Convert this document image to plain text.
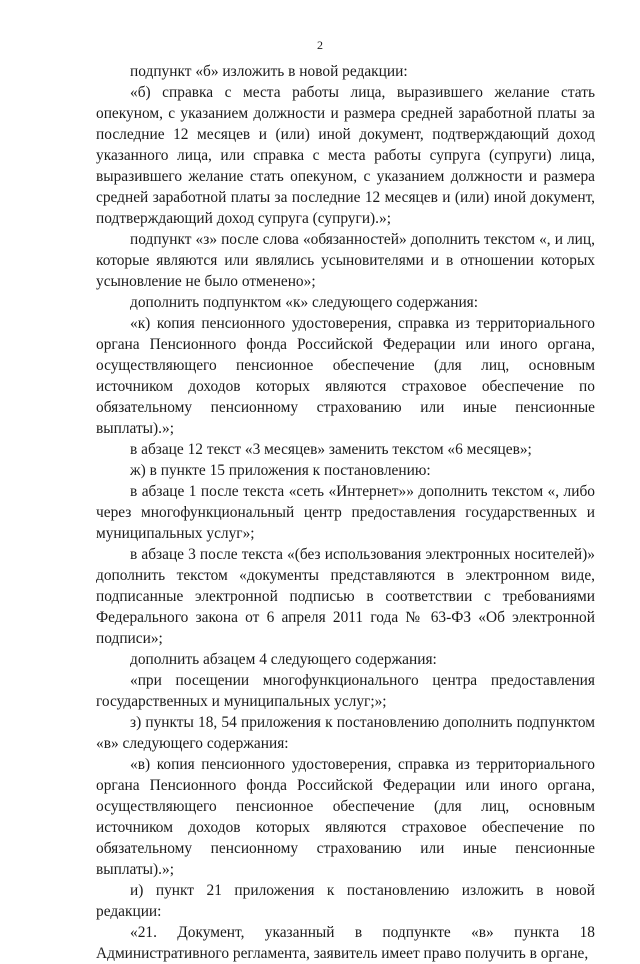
2

подпункт «б» изложить в новой редакции:

«б) справка с места работы лица, выразившего желание стать опекуном, с указанием должности и размера средней заработной платы за последние 12 месяцев и (или) иной документ, подтверждающий доход указанного лица, или справка с места работы супруга (супруги) лица, выразившего желание стать опекуном, с указанием должности и размера средней заработной платы за последние 12 месяцев и (или) иной документ, подтверждающий доход супруга (супруги).»;

подпункт «з» после слова «обязанностей» дополнить текстом «, и лиц, которые являются или являлись усыновителями и в отношении которых усыновление не было отменено»;

дополнить подпунктом «к» следующего содержания:

«к) копия пенсионного удостоверения, справка из территориального органа Пенсионного фонда Российской Федерации или иного органа, осуществляющего пенсионное обеспечение (для лиц, основным источником доходов которых являются страховое обеспечение по обязательному пенсионному страхованию или иные пенсионные выплаты).»;

в абзаце 12 текст «3 месяцев» заменить текстом «6 месяцев»;

ж) в пункте 15 приложения к постановлению:

в абзаце 1 после текста «сеть «Интернет»» дополнить текстом «, либо через многофункциональный центр предоставления государственных и муниципальных услуг»;

в абзаце 3 после текста «(без использования электронных носителей)» дополнить текстом «документы представляются в электронном виде, подписанные электронной подписью в соответствии с требованиями Федерального закона от 6 апреля 2011 года № 63-ФЗ «Об электронной подписи»;

дополнить абзацем 4 следующего содержания:

«при посещении многофункционального центра предоставления государственных и муниципальных услуг;»;

з) пункты 18, 54 приложения к постановлению дополнить подпунктом «в» следующего содержания:

«в) копия пенсионного удостоверения, справка из территориального органа Пенсионного фонда Российской Федерации или иного органа, осуществляющего пенсионное обеспечение (для лиц, основным источником доходов которых являются страховое обеспечение по обязательному пенсионному страхованию или иные пенсионные выплаты).»;

и) пункт 21 приложения к постановлению изложить в новой редакции:

«21. Документ, указанный в подпункте «в» пункта 18 Административного регламента, заявитель имеет право получить в органе,
